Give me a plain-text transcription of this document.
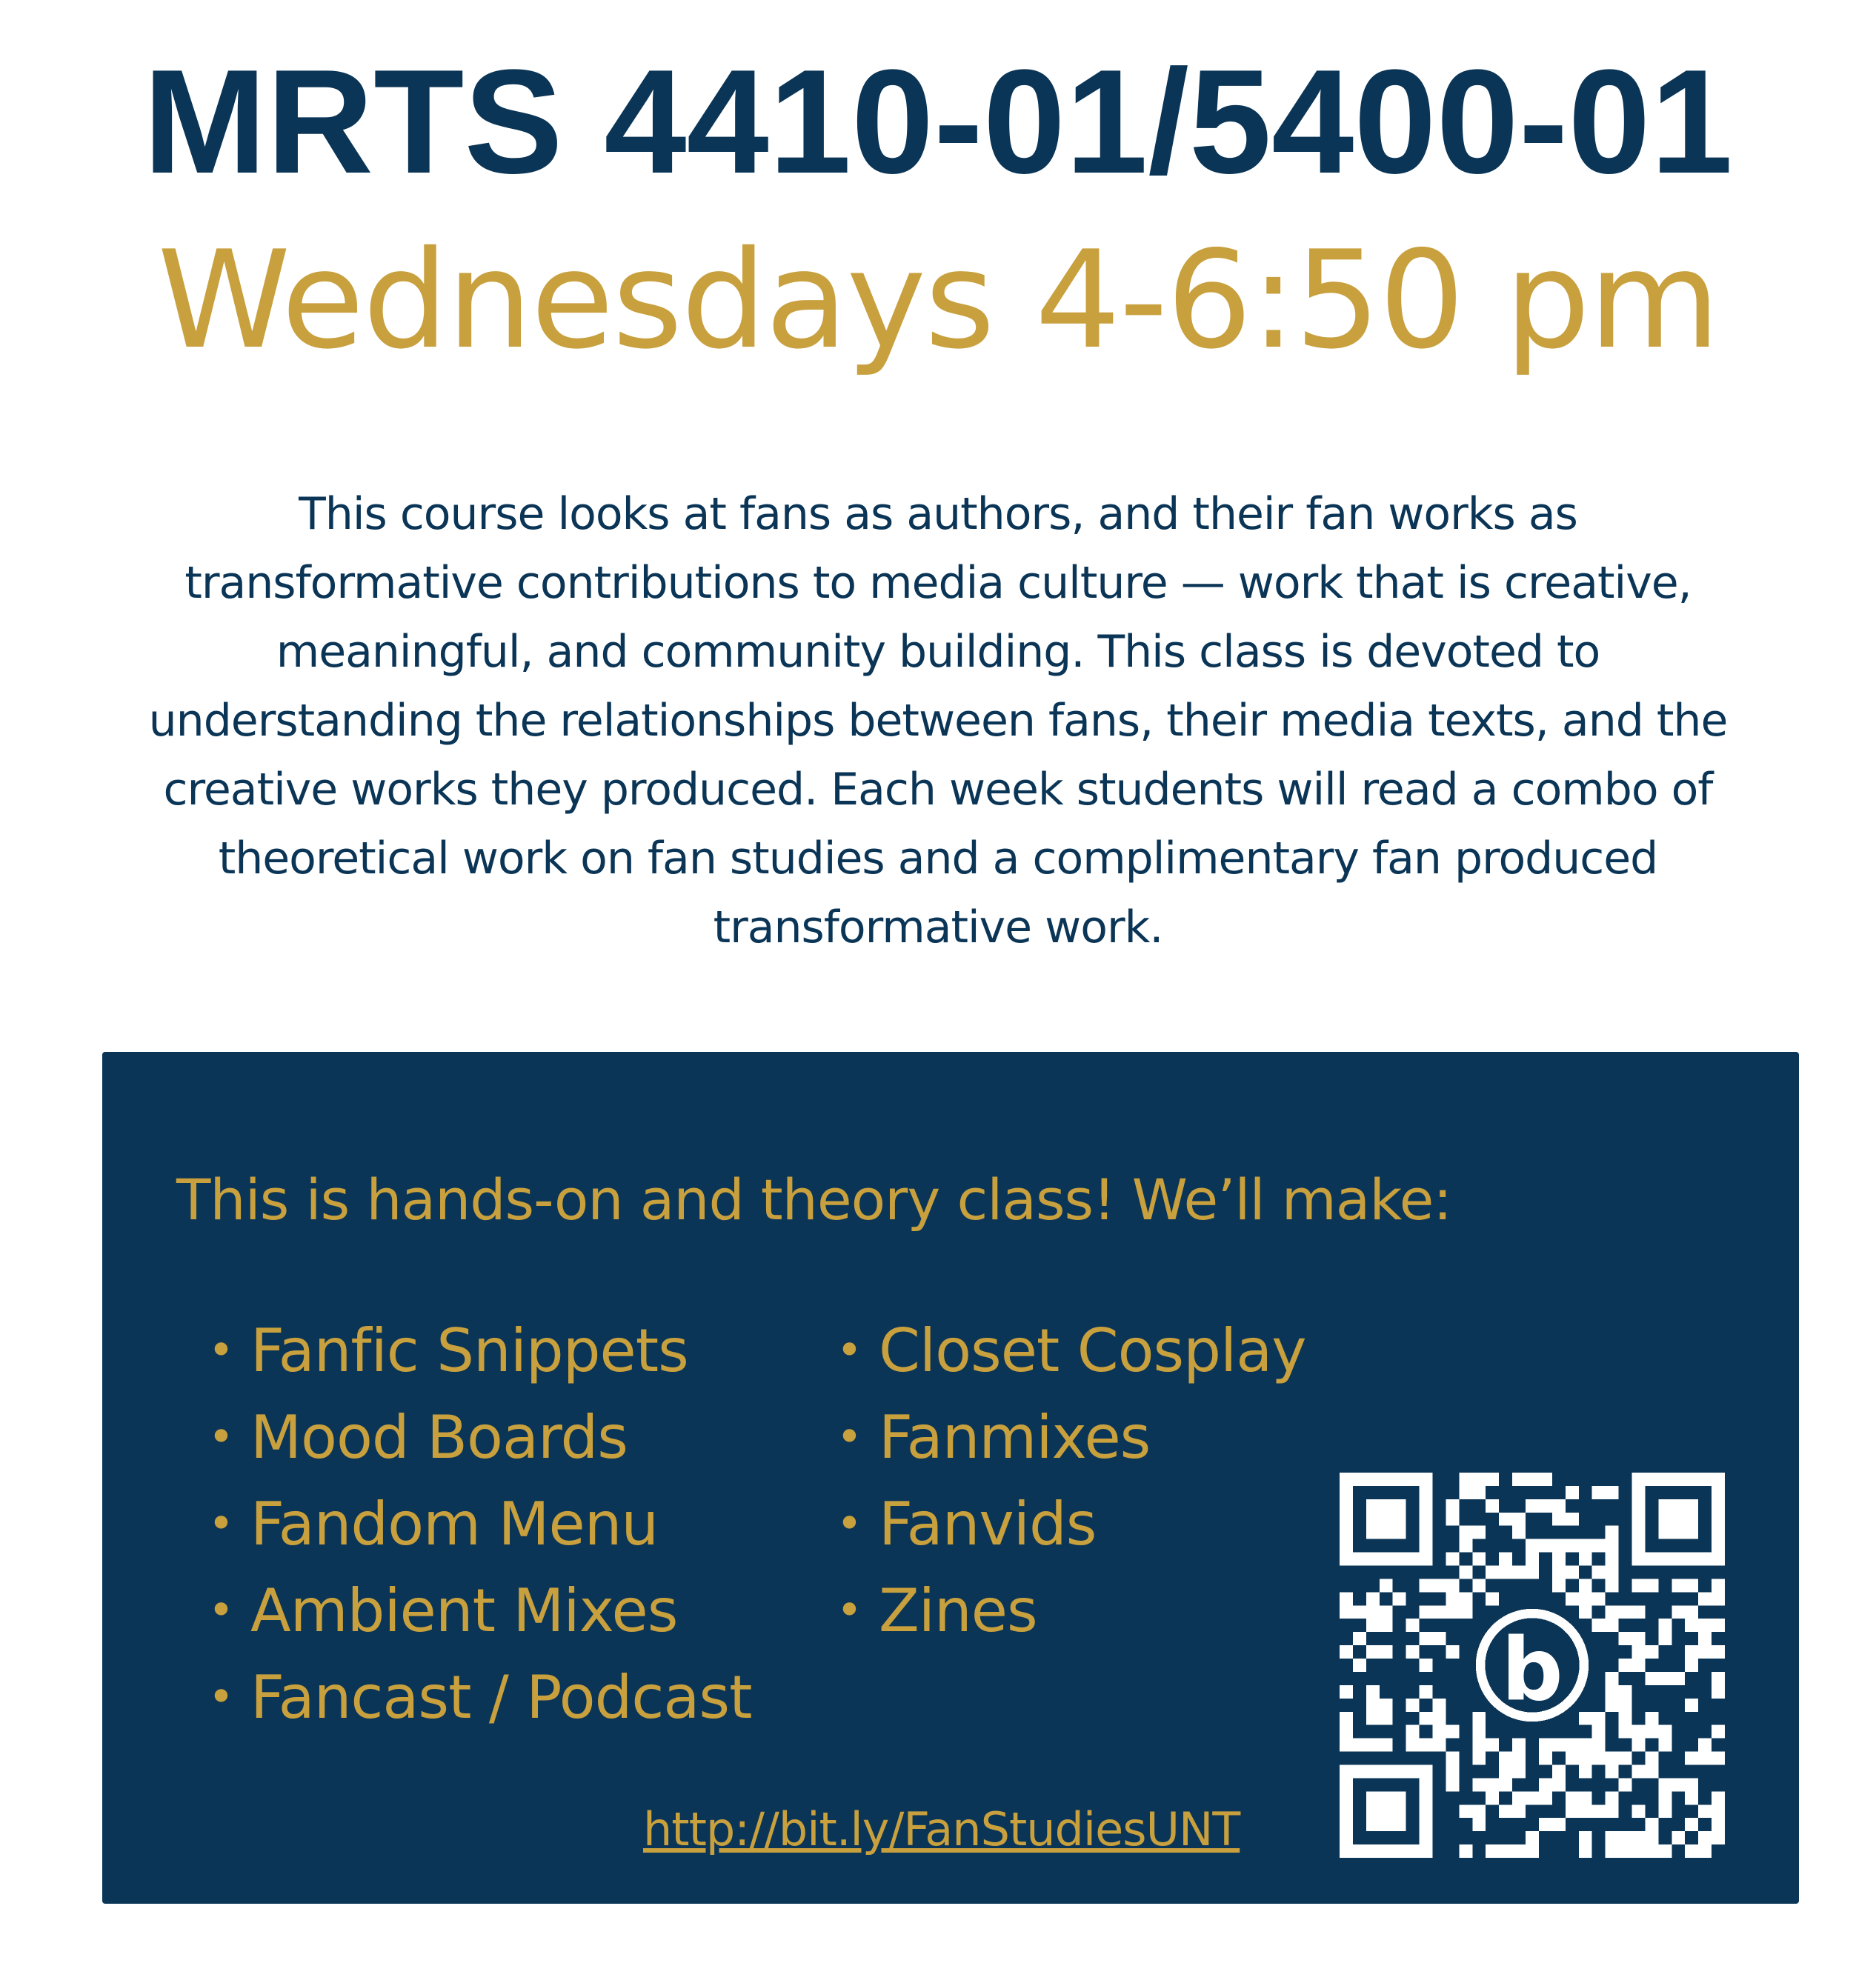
MRTS 4410-01/5400-01
Wednesdays 4-6:50 pm
This course looks at fans as authors, and their fan works as
transformative contributions to media culture — work that is creative,
meaningful, and community building. This class is devoted to
understanding the relationships between fans, their media texts, and the
creative works they produced. Each week students will read a combo of
theoretical work on fan studies and a complimentary fan produced
transformative work.
This is hands-on and theory class! We’ll make:
• Fanfic Snippets
• Mood Boards
• Fandom Menu
• Ambient Mixes
• Fancast / Podcast
• Closet Cosplay
• Fanmixes
• Fanvids
• Zines
http://bit.ly/FanStudiesUNT
b
